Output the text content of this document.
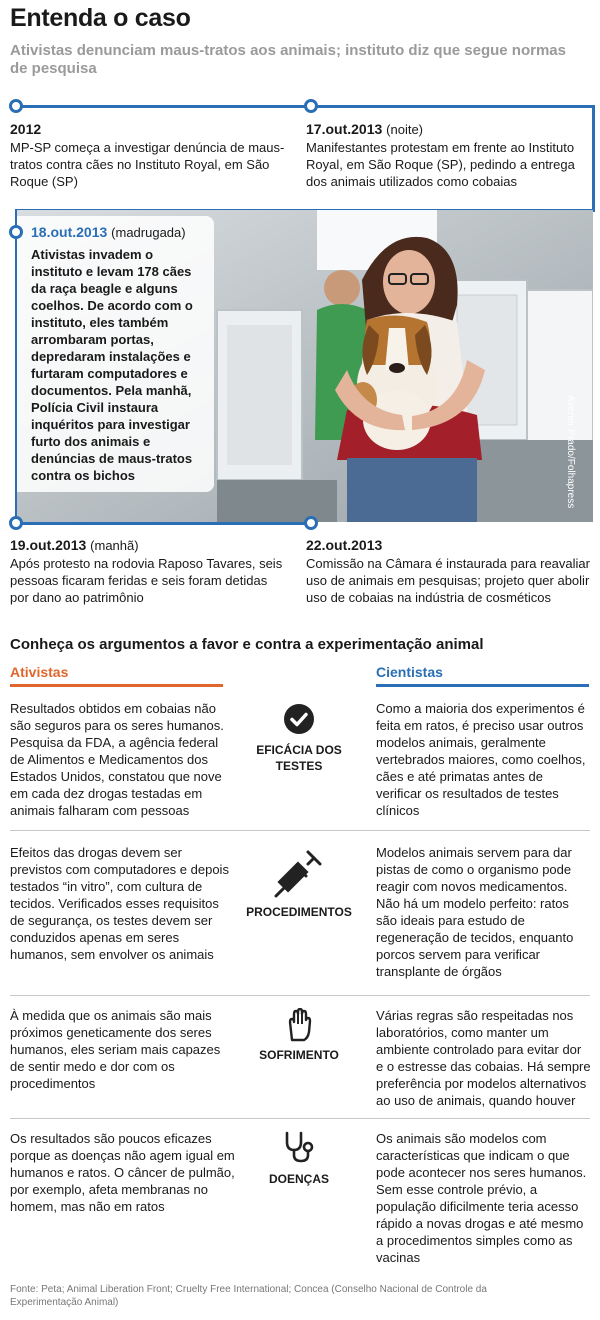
Entenda o caso
Ativistas denunciam maus-tratos aos animais; instituto diz que segue normas de pesquisa
2012
MP-SP começa a investigar denúncia de maus-tratos contra cães no Instituto Royal, em São Roque (SP)
17.out.2013 (noite)
Manifestantes protestam em frente ao Instituto Royal, em São Roque (SP), pedindo a entrega dos animais utilizados como cobaias
18.out.2013 (madrugada)
Ativistas invadem o instituto e levam 178 cães da raça beagle e alguns coelhos. De acordo com o instituto, eles também arrombaram portas, depredaram instalações e furtaram computadores e documentos. Pela manhã, Polícia Civil instaura inquéritos para investigar furto dos animais e denúncias de maus-tratos contra os bichos	Avener Prado/Folhapress
19.out.2013 (manhã)
Após protesto na rodovia Raposo Tavares, seis pessoas ficaram feridas e seis foram detidas por dano ao patrimônio
22.out.2013
Comissão na Câmara é instaurada para reavaliar uso de animais em pesquisas; projeto quer abolir uso de cobaias na indústria de cosméticos
Conheça os argumentos a favor e contra a experimentação animal
Ativistas	Cientistas
Resultados obtidos em cobaias não são seguros para os seres humanos. Pesquisa da FDA, a agência federal de Alimentos e Medicamentos dos Estados Unidos, constatou que nove em cada dez drogas testadas em animais falharam com pessoas
EFICÁCIA DOS TESTES
Como a maioria dos experimentos é feita em ratos, é preciso usar outros modelos animais, geralmente vertebrados maiores, como coelhos, cães e até primatas antes de verificar os resultados de testes clínicos
Efeitos das drogas devem ser previstos com computadores e depois testados “in vitro”, com cultura de tecidos. Verificados esses requisitos de segurança, os testes devem ser conduzidos apenas em seres humanos, sem envolver os animais
PROCEDIMENTOS
Modelos animais servem para dar pistas de como o organismo pode reagir com novos medicamentos. Não há um modelo perfeito: ratos são ideais para estudo de regeneração de tecidos, enquanto porcos servem para verificar transplante de órgãos
À medida que os animais são mais próximos geneticamente dos seres humanos, eles seriam mais capazes de sentir medo e dor com os procedimentos
SOFRIMENTO
Várias regras são respeitadas nos laboratórios, como manter um ambiente controlado para evitar dor e o estresse das cobaias. Há sempre preferência por modelos alternativos ao uso de animais, quando houver
Os resultados são poucos eficazes porque as doenças não agem igual em humanos e ratos. O câncer de pulmão, por exemplo, afeta membranas no homem, mas não em ratos
DOENÇAS
Os animais são modelos com características que indicam o que pode acontecer nos seres humanos. Sem esse controle prévio, a população dificilmente teria acesso rápido a novas drogas e até mesmo a procedimentos simples como as vacinas
Fonte: Peta; Animal Liberation Front; Cruelty Free International; Concea (Conselho Nacional de Controle da Experimentação Animal)
